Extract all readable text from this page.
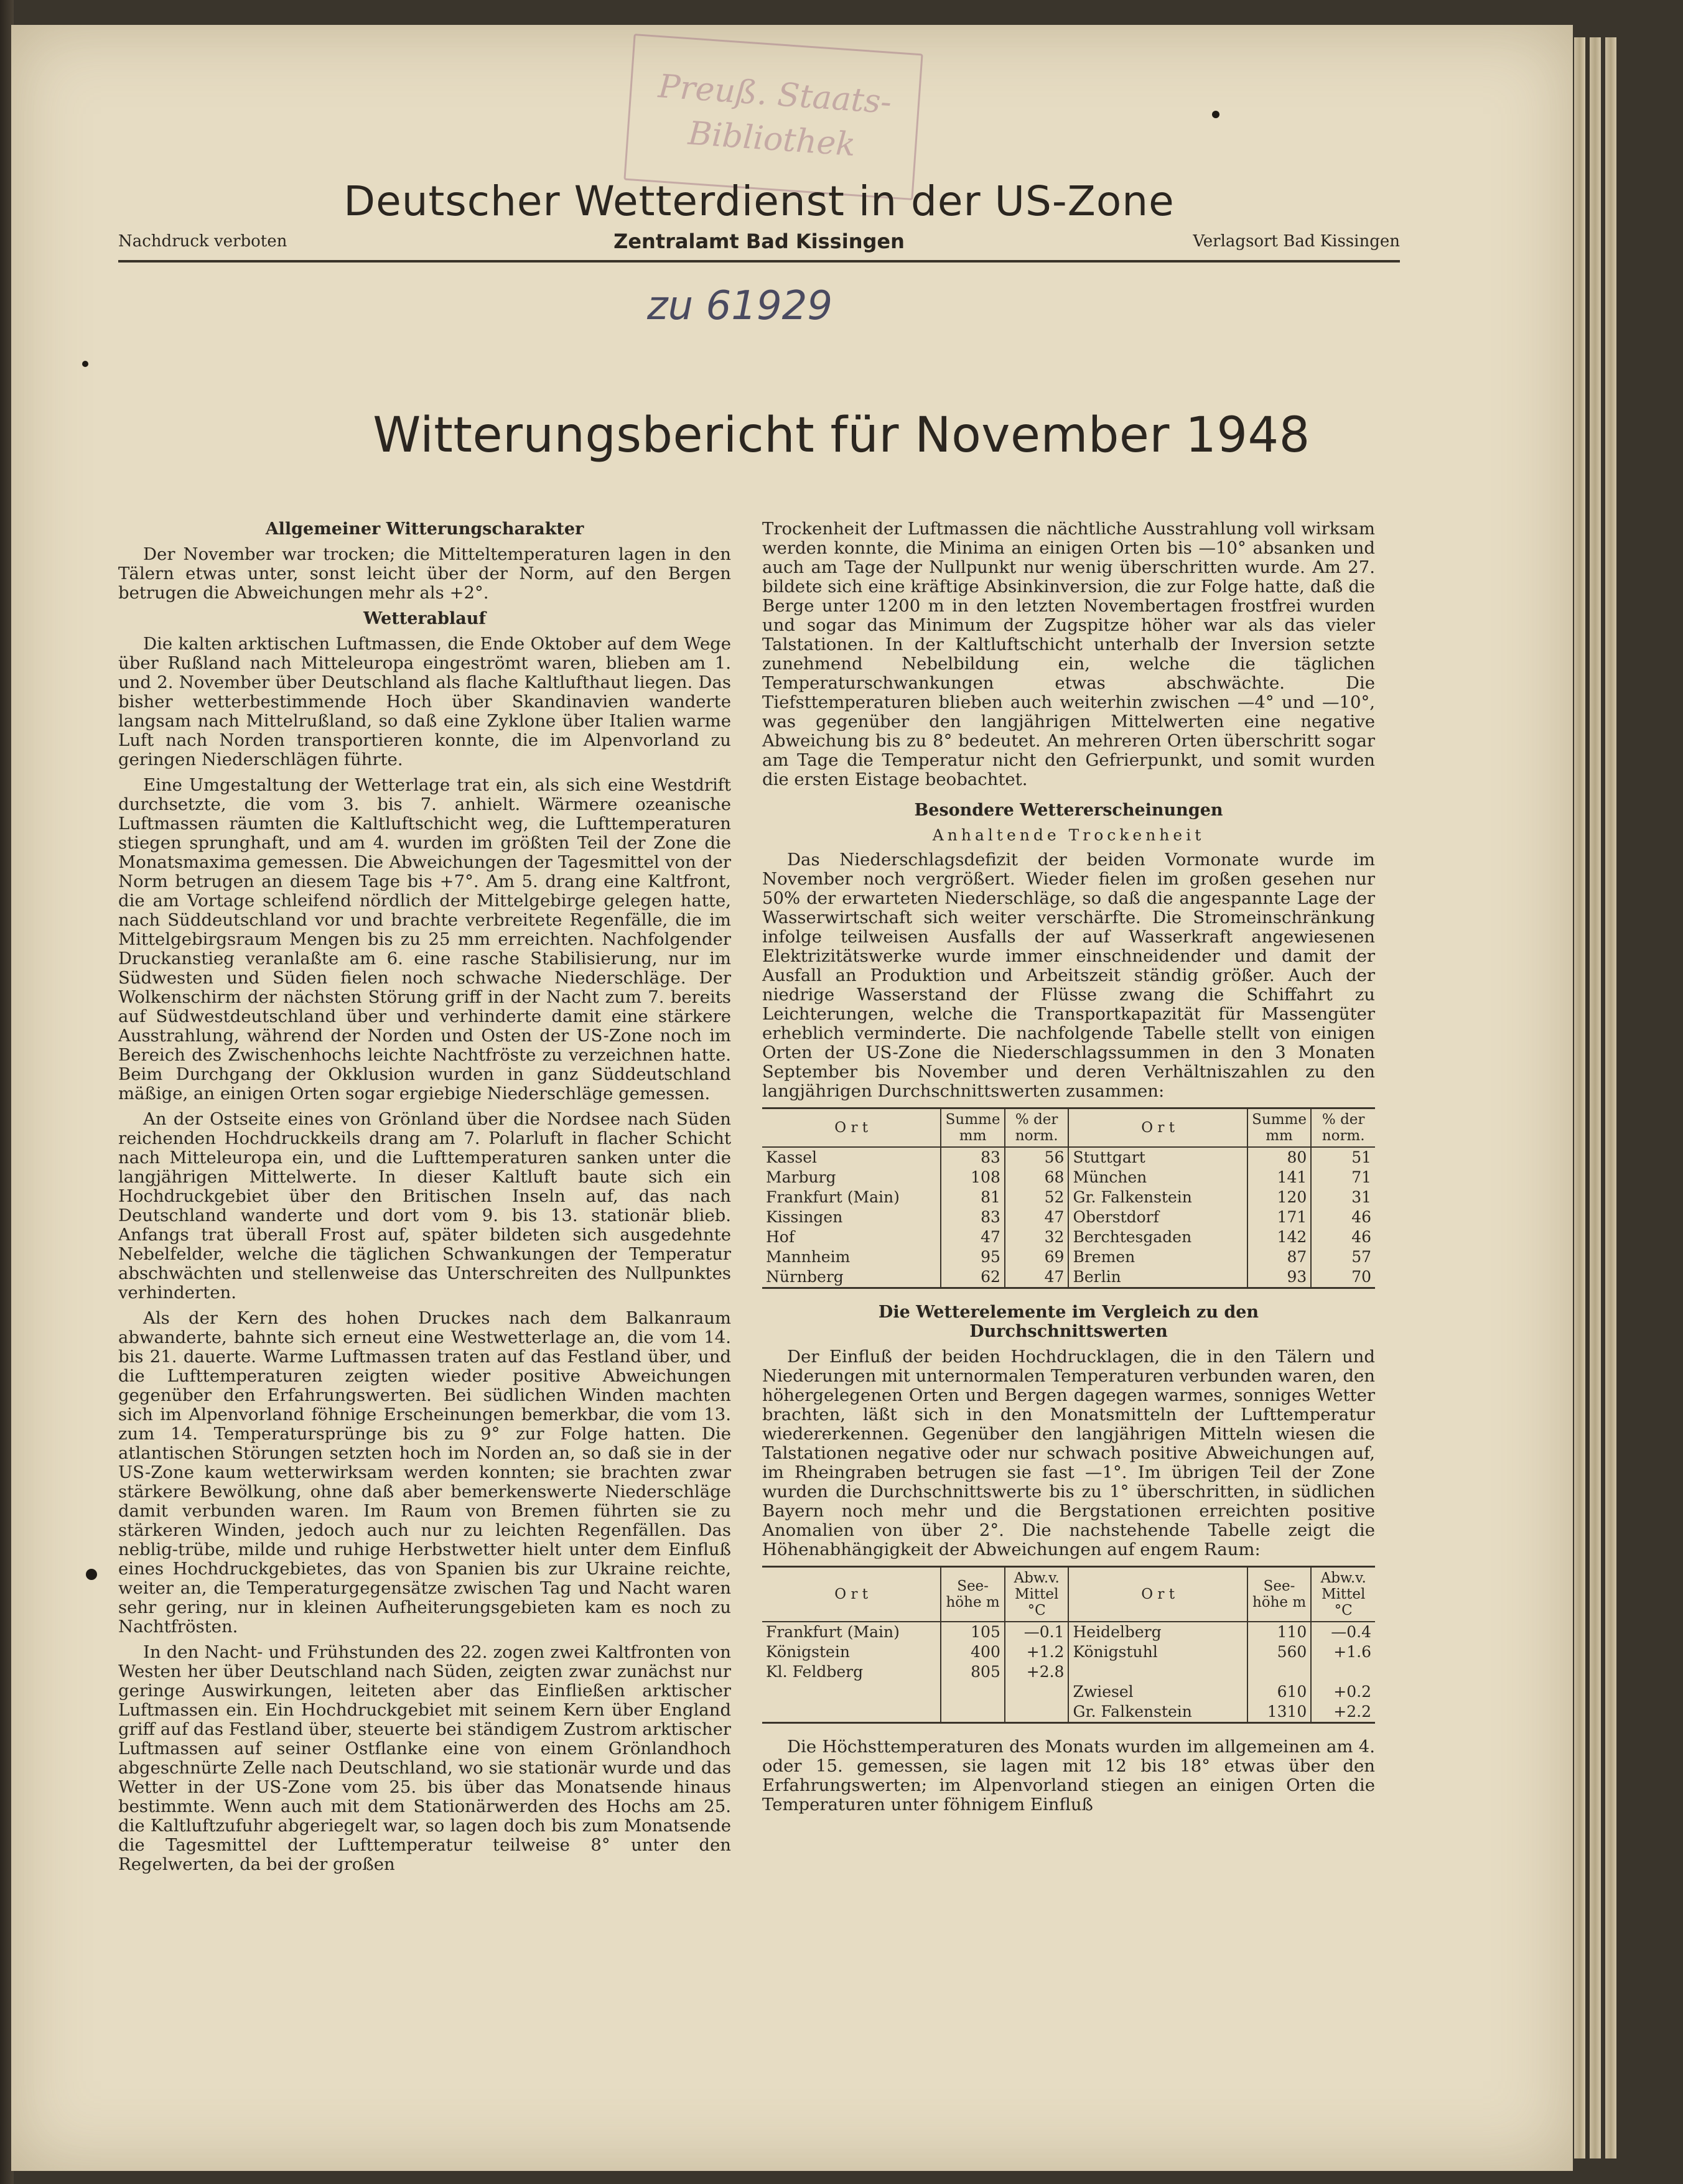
Preuß. Staats-
Bibliothek
Deutscher Wetterdienst in der US-Zone
Nachdruck verboten	Zentralamt Bad Kissingen	Verlagsort Bad Kissingen
zu 61929
Witterungsbericht für November 1948
Allgemeiner Witterungscharakter

Der November war trocken; die Mitteltemperaturen lagen in den Tälern etwas unter, sonst leicht über der Norm, auf den Bergen betrugen die Abweichungen mehr als +2°.

Wetterablauf

Die kalten arktischen Luftmassen, die Ende Oktober auf dem Wege über Rußland nach Mitteleuropa eingeströmt waren, blieben am 1. und 2. November über Deutschland als flache Kaltlufthaut liegen. Das bisher wetterbestimmende Hoch über Skandinavien wanderte langsam nach Mittelrußland, so daß eine Zyklone über Italien warme Luft nach Norden transportieren konnte, die im Alpenvorland zu geringen Niederschlägen führte.

Eine Umgestaltung der Wetterlage trat ein, als sich eine Westdrift durchsetzte, die vom 3. bis 7. anhielt. Wärmere ozeanische Luftmassen räumten die Kaltluftschicht weg, die Lufttemperaturen stiegen sprunghaft, und am 4. wurden im größten Teil der Zone die Monatsmaxima gemessen. Die Abweichungen der Tagesmittel von der Norm betrugen an diesem Tage bis +7°. Am 5. drang eine Kaltfront, die am Vortage schleifend nördlich der Mittelgebirge gelegen hatte, nach Süddeutschland vor und brachte verbreitete Regenfälle, die im Mittelgebirgsraum Mengen bis zu 25 mm erreichten. Nachfolgender Druckanstieg veranlaßte am 6. eine rasche Stabilisierung, nur im Südwesten und Süden fielen noch schwache Niederschläge. Der Wolkenschirm der nächsten Störung griff in der Nacht zum 7. bereits auf Südwestdeutschland über und verhinderte damit eine stärkere Ausstrahlung, während der Norden und Osten der US-Zone noch im Bereich des Zwischenhochs leichte Nachtfröste zu verzeichnen hatte. Beim Durchgang der Okklusion wurden in ganz Süddeutschland mäßige, an einigen Orten sogar ergiebige Niederschläge gemessen.

An der Ostseite eines von Grönland über die Nordsee nach Süden reichenden Hochdruckkeils drang am 7. Polarluft in flacher Schicht nach Mitteleuropa ein, und die Lufttemperaturen sanken unter die langjährigen Mittelwerte. In dieser Kaltluft baute sich ein Hochdruckgebiet über den Britischen Inseln auf, das nach Deutschland wanderte und dort vom 9. bis 13. stationär blieb. Anfangs trat überall Frost auf, später bildeten sich ausgedehnte Nebelfelder, welche die täglichen Schwankungen der Temperatur abschwächten und stellenweise das Unterschreiten des Nullpunktes verhinderten.

Als der Kern des hohen Druckes nach dem Balkanraum abwanderte, bahnte sich erneut eine Westwetterlage an, die vom 14. bis 21. dauerte. Warme Luftmassen traten auf das Festland über, und die Lufttemperaturen zeigten wieder positive Abweichungen gegenüber den Erfahrungswerten. Bei südlichen Winden machten sich im Alpenvorland föhnige Erscheinungen bemerkbar, die vom 13. zum 14. Temperatursprünge bis zu 9° zur Folge hatten. Die atlantischen Störungen setzten hoch im Norden an, so daß sie in der US-Zone kaum wetterwirksam werden konnten; sie brachten zwar stärkere Bewölkung, ohne daß aber bemerkenswerte Niederschläge damit verbunden waren. Im Raum von Bremen führten sie zu stärkeren Winden, jedoch auch nur zu leichten Regenfällen. Das neblig-trübe, milde und ruhige Herbstwetter hielt unter dem Einfluß eines Hochdruckgebietes, das von Spanien bis zur Ukraine reichte, weiter an, die Temperaturgegensätze zwischen Tag und Nacht waren sehr gering, nur in kleinen Aufheiterungsgebieten kam es noch zu Nachtfrösten.

In den Nacht- und Frühstunden des 22. zogen zwei Kaltfronten von Westen her über Deutschland nach Süden, zeigten zwar zunächst nur geringe Auswirkungen, leiteten aber das Einfließen arktischer Luftmassen ein. Ein Hochdruckgebiet mit seinem Kern über England griff auf das Festland über, steuerte bei ständigem Zustrom arktischer Luftmassen auf seiner Ostflanke eine von einem Grönlandhoch abgeschnürte Zelle nach Deutschland, wo sie stationär wurde und das Wetter in der US-Zone vom 25. bis über das Monatsende hinaus bestimmte. Wenn auch mit dem Stationärwerden des Hochs am 25. die Kaltluftzufuhr abgeriegelt war, so lagen doch bis zum Monatsende die Tagesmittel der Lufttemperatur teilweise 8° unter den Regelwerten, da bei der großen

Trockenheit der Luftmassen die nächtliche Ausstrahlung voll wirksam werden konnte, die Minima an einigen Orten bis —10° absanken und auch am Tage der Nullpunkt nur wenig überschritten wurde. Am 27. bildete sich eine kräftige Absinkinversion, die zur Folge hatte, daß die Berge unter 1200 m in den letzten Novembertagen frostfrei wurden und sogar das Minimum der Zugspitze höher war als das vieler Talstationen. In der Kaltluftschicht unterhalb der Inversion setzte zunehmend Nebelbildung ein, welche die täglichen Temperaturschwankungen etwas abschwächte. Die Tiefsttemperaturen blieben auch weiterhin zwischen —4° und —10°, was gegenüber den langjährigen Mittelwerten eine negative Abweichung bis zu 8° bedeutet. An mehreren Orten überschritt sogar am Tage die Temperatur nicht den Gefrierpunkt, und somit wurden die ersten Eistage beobachtet.

Besondere Wettererscheinungen
Anhaltende Trockenheit

Das Niederschlagsdefizit der beiden Vormonate wurde im November noch vergrößert. Wieder fielen im großen gesehen nur 50% der erwarteten Niederschläge, so daß die angespannte Lage der Wasserwirtschaft sich weiter verschärfte. Die Stromeinschränkung infolge teilweisen Ausfalls der auf Wasserkraft angewiesenen Elektrizitätswerke wurde immer einschneidender und damit der Ausfall an Produktion und Arbeitszeit ständig größer. Auch der niedrige Wasserstand der Flüsse zwang die Schiffahrt zu Leichterungen, welche die Transportkapazität für Massengüter erheblich verminderte. Die nachfolgende Tabelle stellt von einigen Orten der US-Zone die Niederschlagssummen in den 3 Monaten September bis November und deren Verhältniszahlen zu den langjährigen Durchschnittswerten zusammen:

O r t	Summe mm	% der norm.	O r t	Summe mm	% der norm.
Kassel	83	56	Stuttgart	80	51
Marburg	108	68	München	141	71
Frankfurt (Main)	81	52	Gr. Falkenstein	120	31
Kissingen	83	47	Oberstdorf	171	46
Hof	47	32	Berchtesgaden	142	46
Mannheim	95	69	Bremen	87	57
Nürnberg	62	47	Berlin	93	70
Die Wetterelemente im Vergleich zu den Durchschnittswerten

Der Einfluß der beiden Hochdrucklagen, die in den Tälern und Niederungen mit unternormalen Temperaturen verbunden waren, den höhergelegenen Orten und Bergen dagegen warmes, sonniges Wetter brachten, läßt sich in den Monatsmitteln der Lufttemperatur wiedererkennen. Gegenüber den langjährigen Mitteln wiesen die Talstationen negative oder nur schwach positive Abweichungen auf, im Rheingraben betrugen sie fast —1°. Im übrigen Teil der Zone wurden die Durchschnittswerte bis zu 1° überschritten, in südlichen Bayern noch mehr und die Bergstationen erreichten positive Anomalien von über 2°. Die nachstehende Tabelle zeigt die Höhenabhängigkeit der Abweichungen auf engem Raum:

O r t	See-höhe m	Abw.v. Mittel °C	O r t	See-höhe m	Abw.v. Mittel °C
Frankfurt (Main)	105	—0.1	Heidelberg	110	—0.4
Königstein	400	+1.2	Königstuhl	560	+1.6
Kl. Feldberg	805	+2.8			
			Zwiesel	610	+0.2
			Gr. Falkenstein	1310	+2.2

Die Höchsttemperaturen des Monats wurden im allgemeinen am 4. oder 15. gemessen, sie lagen mit 12 bis 18° etwas über den Erfahrungswerten; im Alpenvorland stiegen an einigen Orten die Temperaturen unter föhnigem Einfluß
